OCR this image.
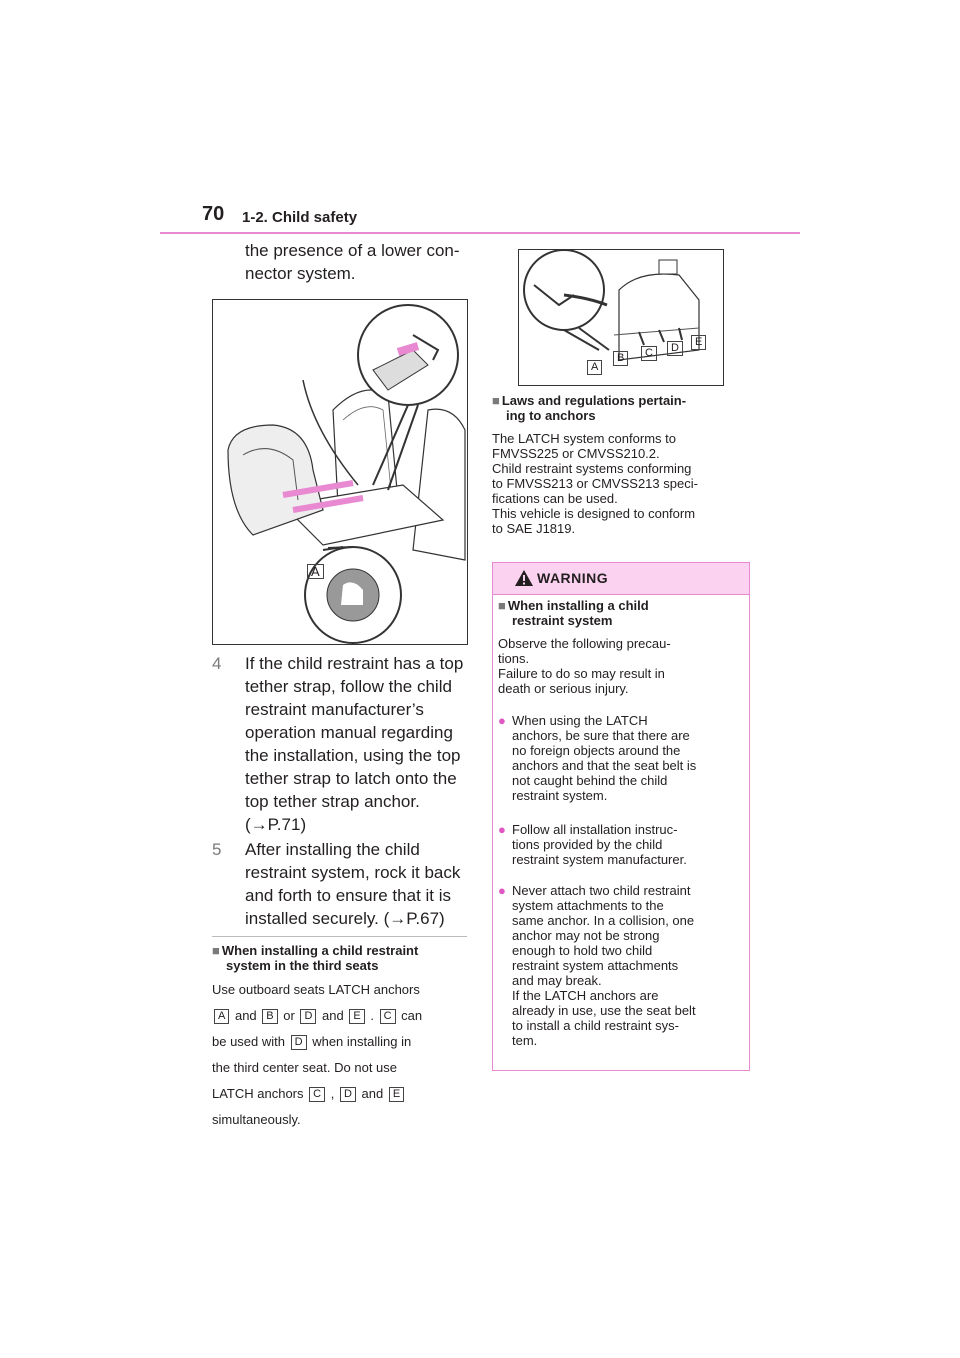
70 1-2. Child safety
the presence of a lower con-
nector system.
A
4 If the child restraint has a top
tether strap, follow the child
restraint manufacturer’s
operation manual regarding
the installation, using the top
tether strap to latch onto the
top tether strap anchor.
(→P.71)
5 After installing the child
restraint system, rock it back
and forth to ensure that it is
installed securely. (→P.67)
■ When installing a child restraint
system in the third seats
Use outboard seats LATCH anchors
A and B or D and E . C can
be used with D when installing in
the third center seat. Do not use
LATCH anchors C , D and E
simultaneously.
A
B	C	D	E
■ Laws and regulations pertain-
ing to anchors
The LATCH system conforms to
FMVSS225 or CMVSS210.2.
Child restraint systems conforming
to FMVSS213 or CMVSS213 speci-
fications can be used.
This vehicle is designed to conform
to SAE J1819.
WARNING
■ When installing a child
restraint system
Observe the following precau-
tions.
Failure to do so may result in
death or serious injury.
● When using the LATCH
anchors, be sure that there are
no foreign objects around the
anchors and that the seat belt is
not caught behind the child
restraint system.
● Follow all installation instruc-
tions provided by the child
restraint system manufacturer.
● Never attach two child restraint
system attachments to the
same anchor. In a collision, one
anchor may not be strong
enough to hold two child
restraint system attachments
and may break.
If the LATCH anchors are
already in use, use the seat belt
to install a child restraint sys-
tem.
